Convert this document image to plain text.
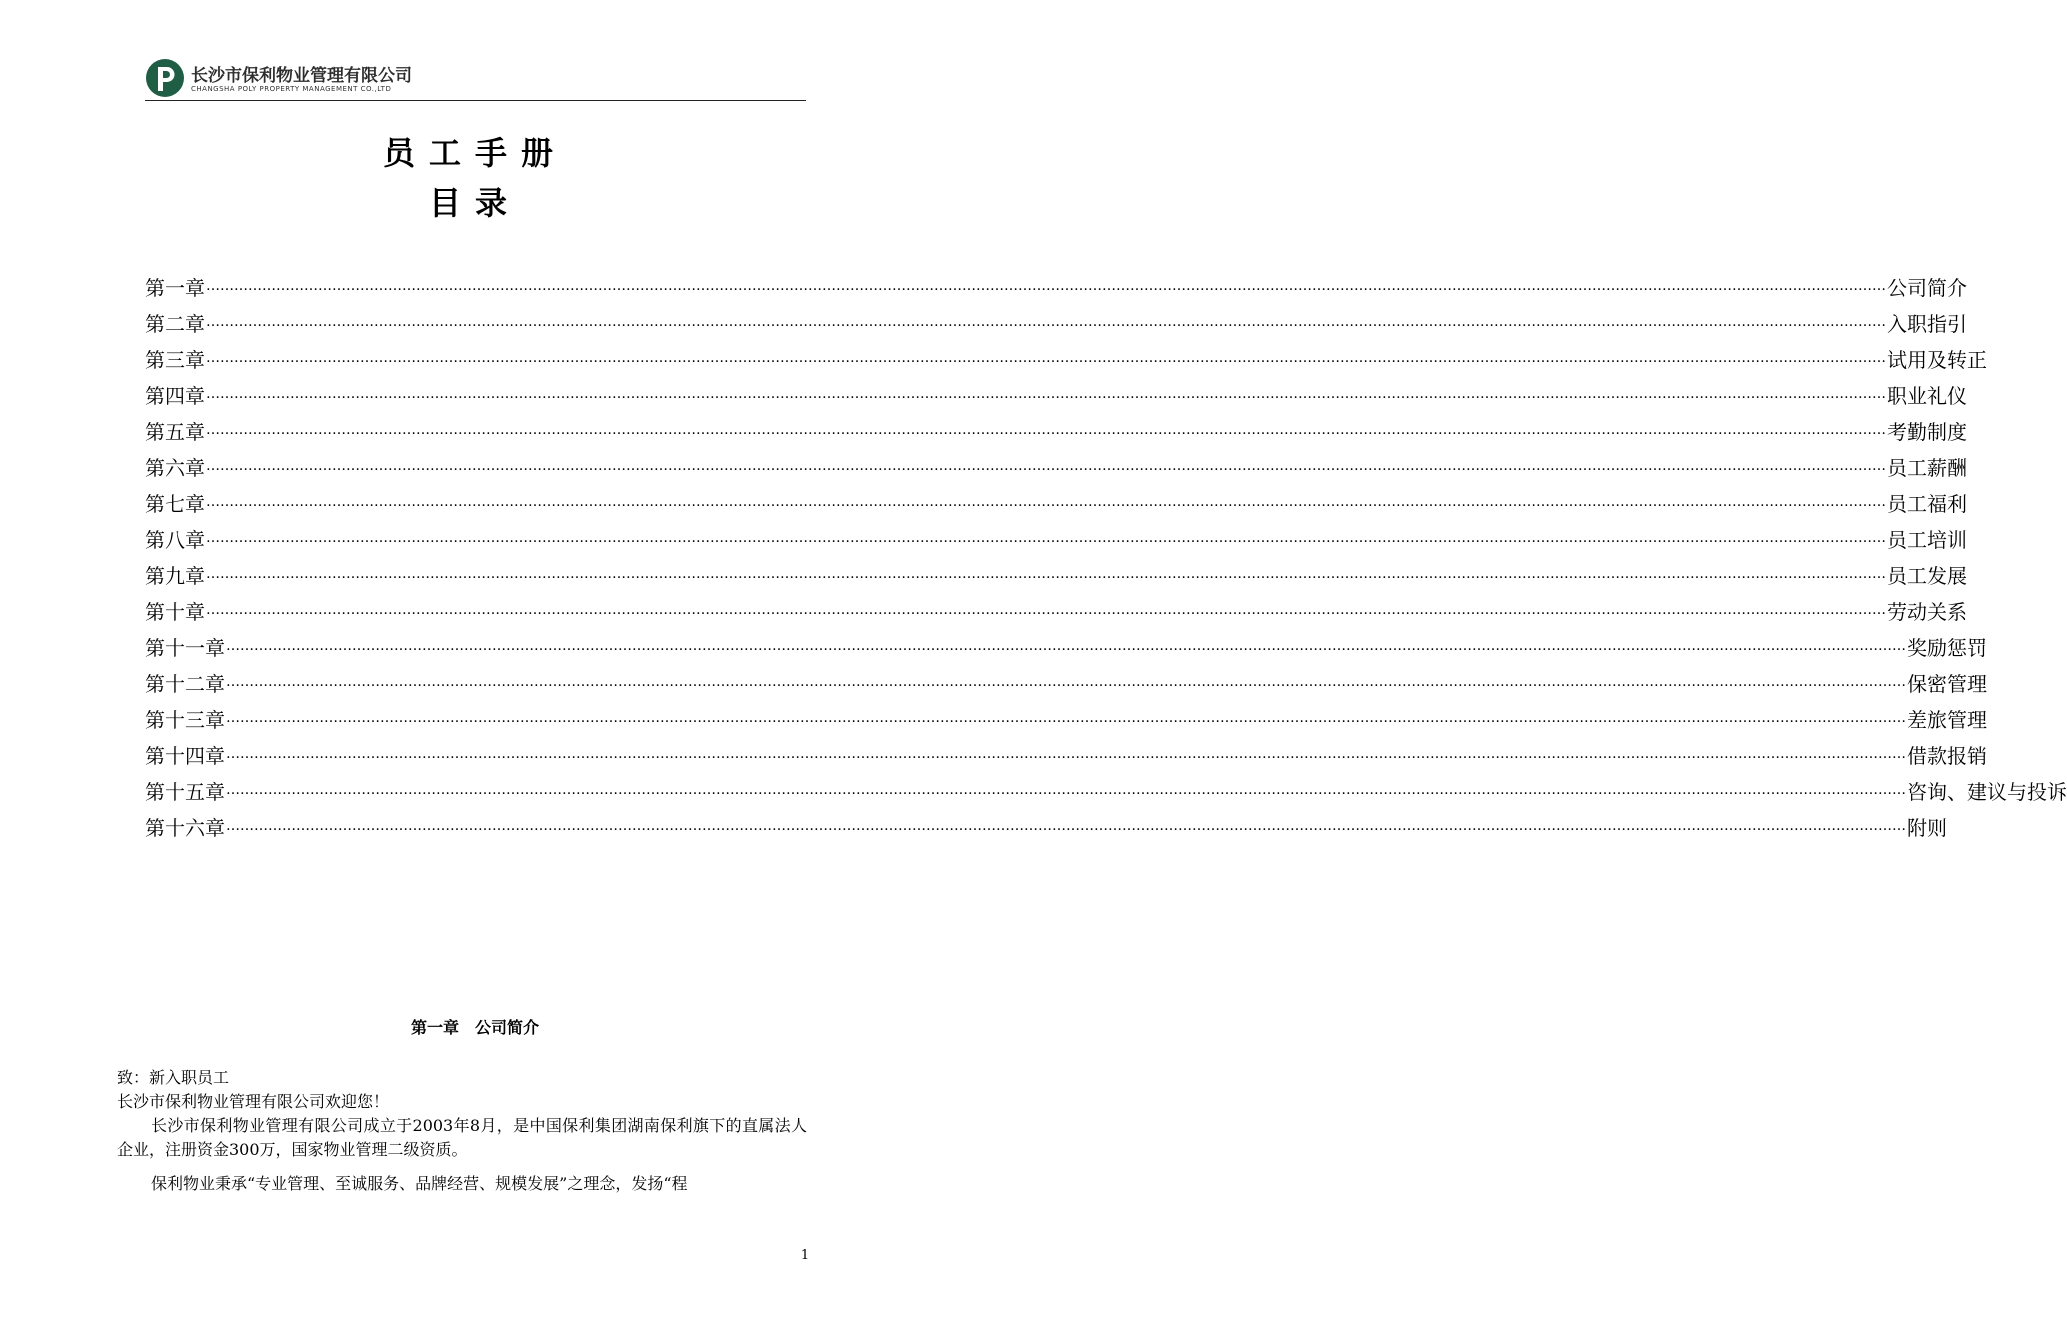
长沙市保利物业管理有限公司
CHANGSHA POLY PROPERTY MANAGEMENT CO.,LTD
员工手册
目录
第一章 ……………………………………………………………………………………………………………………………………………………………………………………………………………………………………………………………………………………………………………………………… 公司简介
第二章 ……………………………………………………………………………………………………………………………………………………………………………………………………………………………………………………………………………………………………………………………… 入职指引
第三章 ……………………………………………………………………………………………………………………………………………………………………………………………………………………………………………………………………………………………………………………………… 试用及转正
第四章 ……………………………………………………………………………………………………………………………………………………………………………………………………………………………………………………………………………………………………………………………… 职业礼仪
第五章 ……………………………………………………………………………………………………………………………………………………………………………………………………………………………………………………………………………………………………………………………… 考勤制度
第六章 ……………………………………………………………………………………………………………………………………………………………………………………………………………………………………………………………………………………………………………………………… 员工薪酬
第七章 ……………………………………………………………………………………………………………………………………………………………………………………………………………………………………………………………………………………………………………………………… 员工福利
第八章 ……………………………………………………………………………………………………………………………………………………………………………………………………………………………………………………………………………………………………………………………… 员工培训
第九章 ……………………………………………………………………………………………………………………………………………………………………………………………………………………………………………………………………………………………………………………………… 员工发展
第十章 ……………………………………………………………………………………………………………………………………………………………………………………………………………………………………………………………………………………………………………………………… 劳动关系
第十一章 ……………………………………………………………………………………………………………………………………………………………………………………………………………………………………………………………………………………………………………………………… 奖励惩罚
第十二章 ……………………………………………………………………………………………………………………………………………………………………………………………………………………………………………………………………………………………………………………………… 保密管理
第十三章 ……………………………………………………………………………………………………………………………………………………………………………………………………………………………………………………………………………………………………………………………… 差旅管理
第十四章 ……………………………………………………………………………………………………………………………………………………………………………………………………………………………………………………………………………………………………………………………… 借款报销
第十五章 ……………………………………………………………………………………………………………………………………………………………………………………………………………………………………………………………………………………………………………………………… 咨询、建议与投诉
第十六章 ……………………………………………………………………………………………………………………………………………………………………………………………………………………………………………………………………………………………………………………………… 附则
第一章　公司简介

致：新入职员工

长沙市保利物业管理有限公司欢迎您！

长沙市保利物业管理有限公司成立于2003年8月，是中国保利集团湖南保利旗下的直属法人企业，注册资金300万，国家物业管理二级资质。

保利物业秉承“专业管理、至诚服务、品牌经营、规模发展”之理念，发扬“程

1
